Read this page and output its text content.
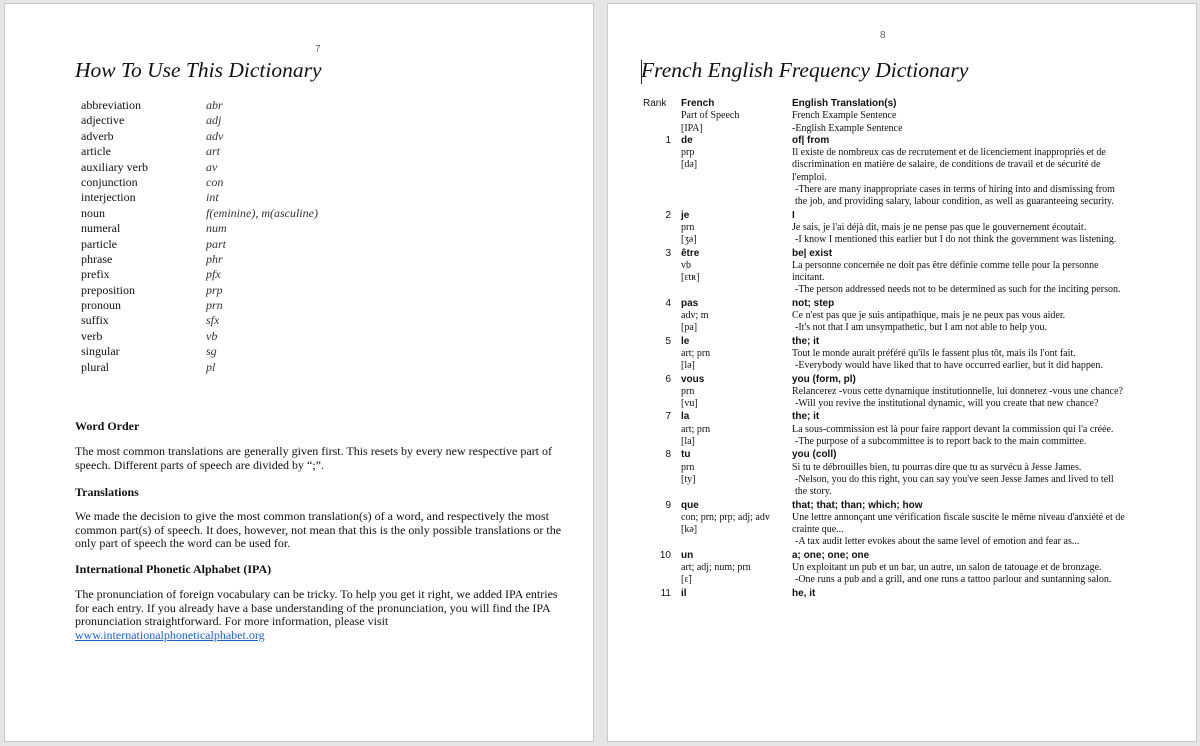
7
How To Use This Dictionary
abbreviation	abr
adjective	adj
adverb	adv
article	art
auxiliary verb	av
conjunction	con
interjection	int
noun	f(eminine), m(asculine)
numeral	num
particle	part
phrase	phr
prefix	pfx
preposition	prp
pronoun	prn
suffix	sfx
verb	vb
singular	sg
plural	pl
Word Order
The most common translations are generally given first. This resets by every new respective part of speech. Different parts of speech are divided by “;”.
Translations
We made the decision to give the most common translation(s) of a word, and respectively the most common part(s) of speech. It does, however, not mean that this is the only possible translations or the only part of speech the word can be used for.
International Phonetic Alphabet (IPA)
The pronunciation of foreign vocabulary can be tricky. To help you get it right, we added IPA entries for each entry. If you already have a base understanding of the pronunciation, you will find the IPA pronunciation straightforward. For more information, please visit www.internationalphoneticalphabet.org
8
French English Frequency Dictionary
Rank	French	English Translation(s)
Part of Speech	French Example Sentence
[IPA]	-English Example Sentence
1	de	of| from
prp
[də]
Il existe de nombreux cas de recrutement et de licenciement inappropriés et de discrimination en matière de salaire, de conditions de travail et de sécurité de l'emploi.
-There are many inappropriate cases in terms of hiring into and dismissing from the job, and providing salary, labour condition, as well as guaranteeing security.
2	je	I
prn
[ʒə]
Je sais, je l'ai déjà dit, mais je ne pense pas que le gouvernement écoutait.
-I know I mentioned this earlier but I do not think the government was listening.
3	être	be| exist
vb
[ɛtʀ]
La personne concernée ne doit pas être définie comme telle pour la personne incitant.
-The person addressed needs not to be determined as such for the inciting person.
4	pas	not; step
adv; m
[pa]
Ce n'est pas que je suis antipathique, mais je ne peux pas vous aider.
-It's not that I am unsympathetic, but I am not able to help you.
5	le	the; it
art; prn
[lə]
Tout le monde aurait préféré qu'ils le fassent plus tôt, mais ils l'ont fait.
-Everybody would have liked that to have occurred earlier, but it did happen.
6	vous	you (form, pl)
prn
[vu]
Relancerez -vous cette dynamique institutionnelle, lui donnerez -vous une chance?
-Will you revive the institutional dynamic, will you create that new chance?
7	la	the; it
art; prn
[la]
La sous-commission est là pour faire rapport devant la commission qui l'a créée.
-The purpose of a subcommittee is to report back to the main committee.
8	tu	you (coll)
prn
[ty]
Si tu te débrouilles bien, tu pourras dire que tu as survécu à Jesse James.
-Nelson, you do this right, you can say you've seen Jesse James and lived to tell the story.
9	que	that; that; than; which; how
con; prn; prp; adj; adv
[kə]
Une lettre annonçant une vérification fiscale suscite le même niveau d'anxiété et de crainte que...
-A tax audit letter evokes about the same level of emotion and fear as...
10	un	a; one; one; one
art; adj; num; prn
[ɛ̃]
Un exploitant un pub et un bar, un autre, un salon de tatouage et de bronzage.
-One runs a pub and a grill, and one runs a tattoo parlour and suntanning salon.
11	il	he, it
